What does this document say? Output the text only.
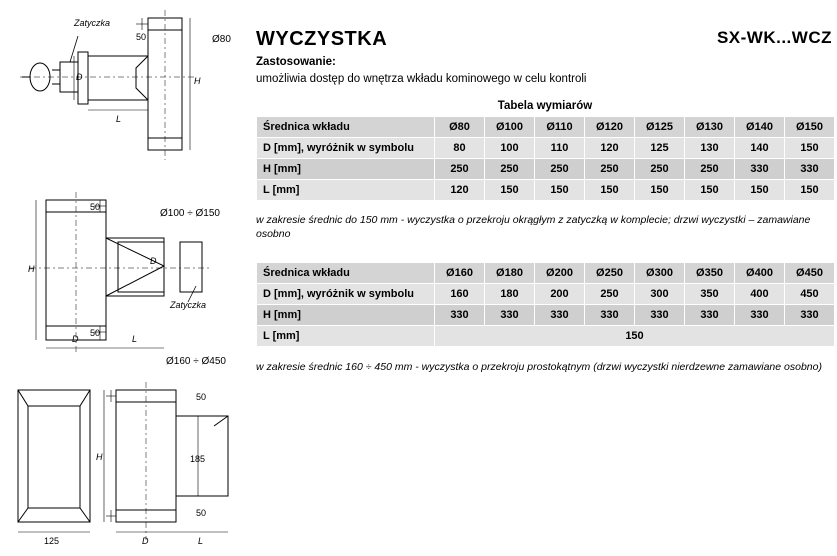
Zatyczka
50
D	H
L
Ø80
50
H
D
50
Zatyczka
D	L
Ø100 ÷ Ø150
50
H	185
50
125	D	L
Ø160 ÷ Ø450
WYCZYSTKA	SX-WK...WCZ
Zastosowanie:
umożliwia dostęp do wnętrza wkładu kominowego w celu kontroli
Tabela wymiarów
Średnica wkładu	Ø80	Ø100	Ø110	Ø120	Ø125	Ø130	Ø140	Ø150
D [mm], wyróżnik w symbolu	80	100	110	120	125	130	140	150
H [mm]	250	250	250	250	250	250	330	330
L [mm]	120	150	150	150	150	150	150	150
w zakresie średnic do 150 mm - wyczystka o przekroju okrągłym z zatyczką w komplecie; drzwi wyczystki – zamawiane osobno
Średnica wkładu	Ø160	Ø180	Ø200	Ø250	Ø300	Ø350	Ø400	Ø450
D [mm], wyróżnik w symbolu	160	180	200	250	300	350	400	450
H [mm]	330	330	330	330	330	330	330	330
L [mm]	150							
w zakresie średnic 160 ÷ 450 mm - wyczystka o przekroju prostokątnym (drzwi wyczystki nierdzewne zamawiane osobno)
